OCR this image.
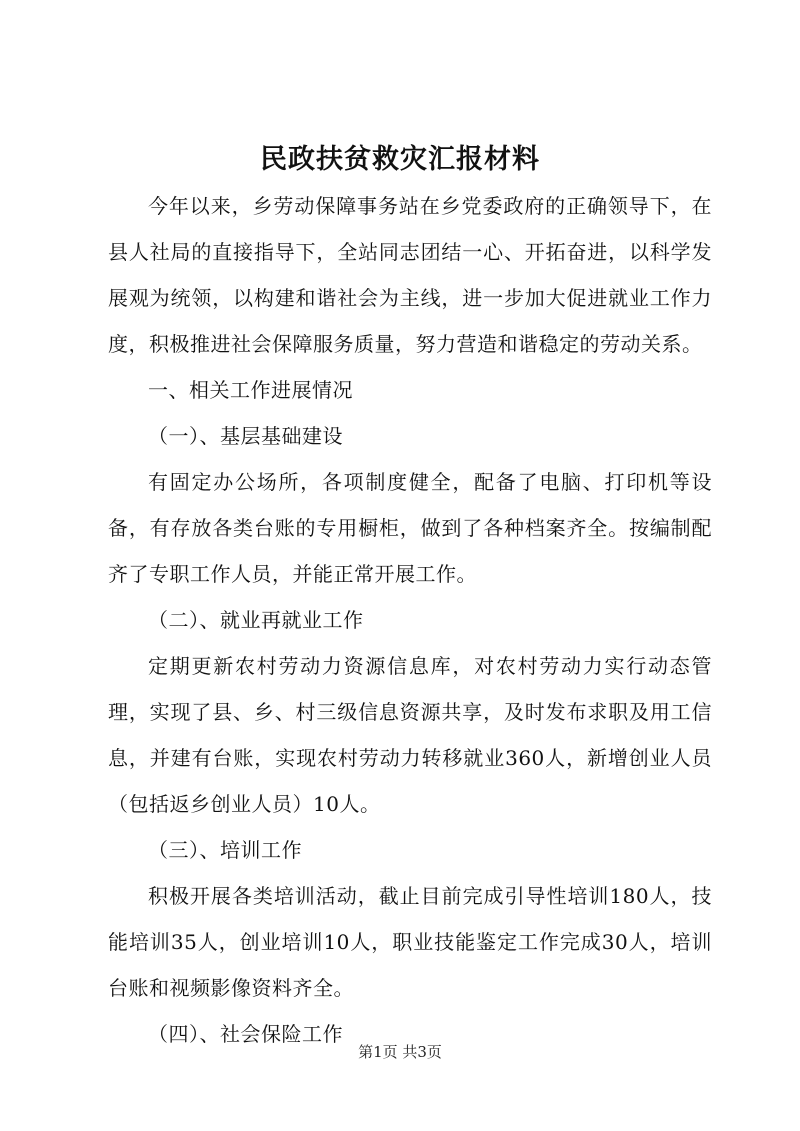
民政扶贫救灾汇报材料

今年以来，乡劳动保障事务站在乡党委政府的正确领导下，在县人社局的直接指导下，全站同志团结一心、开拓奋进，以科学发展观为统领，以构建和谐社会为主线，进一步加大促进就业工作力度，积极推进社会保障服务质量，努力营造和谐稳定的劳动关系。

一、相关工作进展情况

（一）、基层基础建设

有固定办公场所，各项制度健全，配备了电脑、打印机等设备，有存放各类台账的专用橱柜，做到了各种档案齐全。按编制配齐了专职工作人员，并能正常开展工作。

（二）、就业再就业工作

定期更新农村劳动力资源信息库，对农村劳动力实行动态管理，实现了县、乡、村三级信息资源共享，及时发布求职及用工信息，并建有台账，实现农村劳动力转移就业360人，新增创业人员（包括返乡创业人员）10人。

（三）、培训工作

积极开展各类培训活动，截止目前完成引导性培训180人，技能培训35人，创业培训10人，职业技能鉴定工作完成30人，培训台账和视频影像资料齐全。

（四）、社会保险工作

第1页 共3页
